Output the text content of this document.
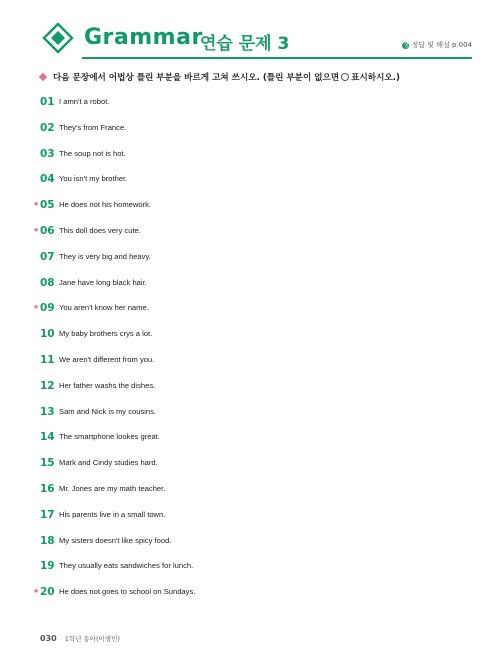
Grammar
연습 문제 3	정 정답 및 해설 p.004
다음 문장에서 어법상 틀린 부분을 바르게 고쳐 쓰시오. (틀린 부분이 없으면 ○ 표시하시오.)
01 I amn't a robot.
02 They's from France.
03 The soup not is hot.
04 You isn't my brother.
★ 05 He does not his homework.
★ 06 This doll does very cute.
07 They is very big and heavy.
08 Jane have long black hair.
★ 09 You aren't know her name.
10 My baby brothers crys a lot.
11 We aren't different from you.
12 Her father washs the dishes.
13 Sam and Nick is my cousins.
14 The smartphone lookes great.
15 Mark and Cindy studies hard.
16 Mr. Jones are my math teacher.
17 His parents live in a small town.
18 My sisters doesn't like spicy food.
19 They usually eats sandwiches for lunch.
★ 20 He does not goes to school on Sundays.
030 1학년 동아(이병민)
